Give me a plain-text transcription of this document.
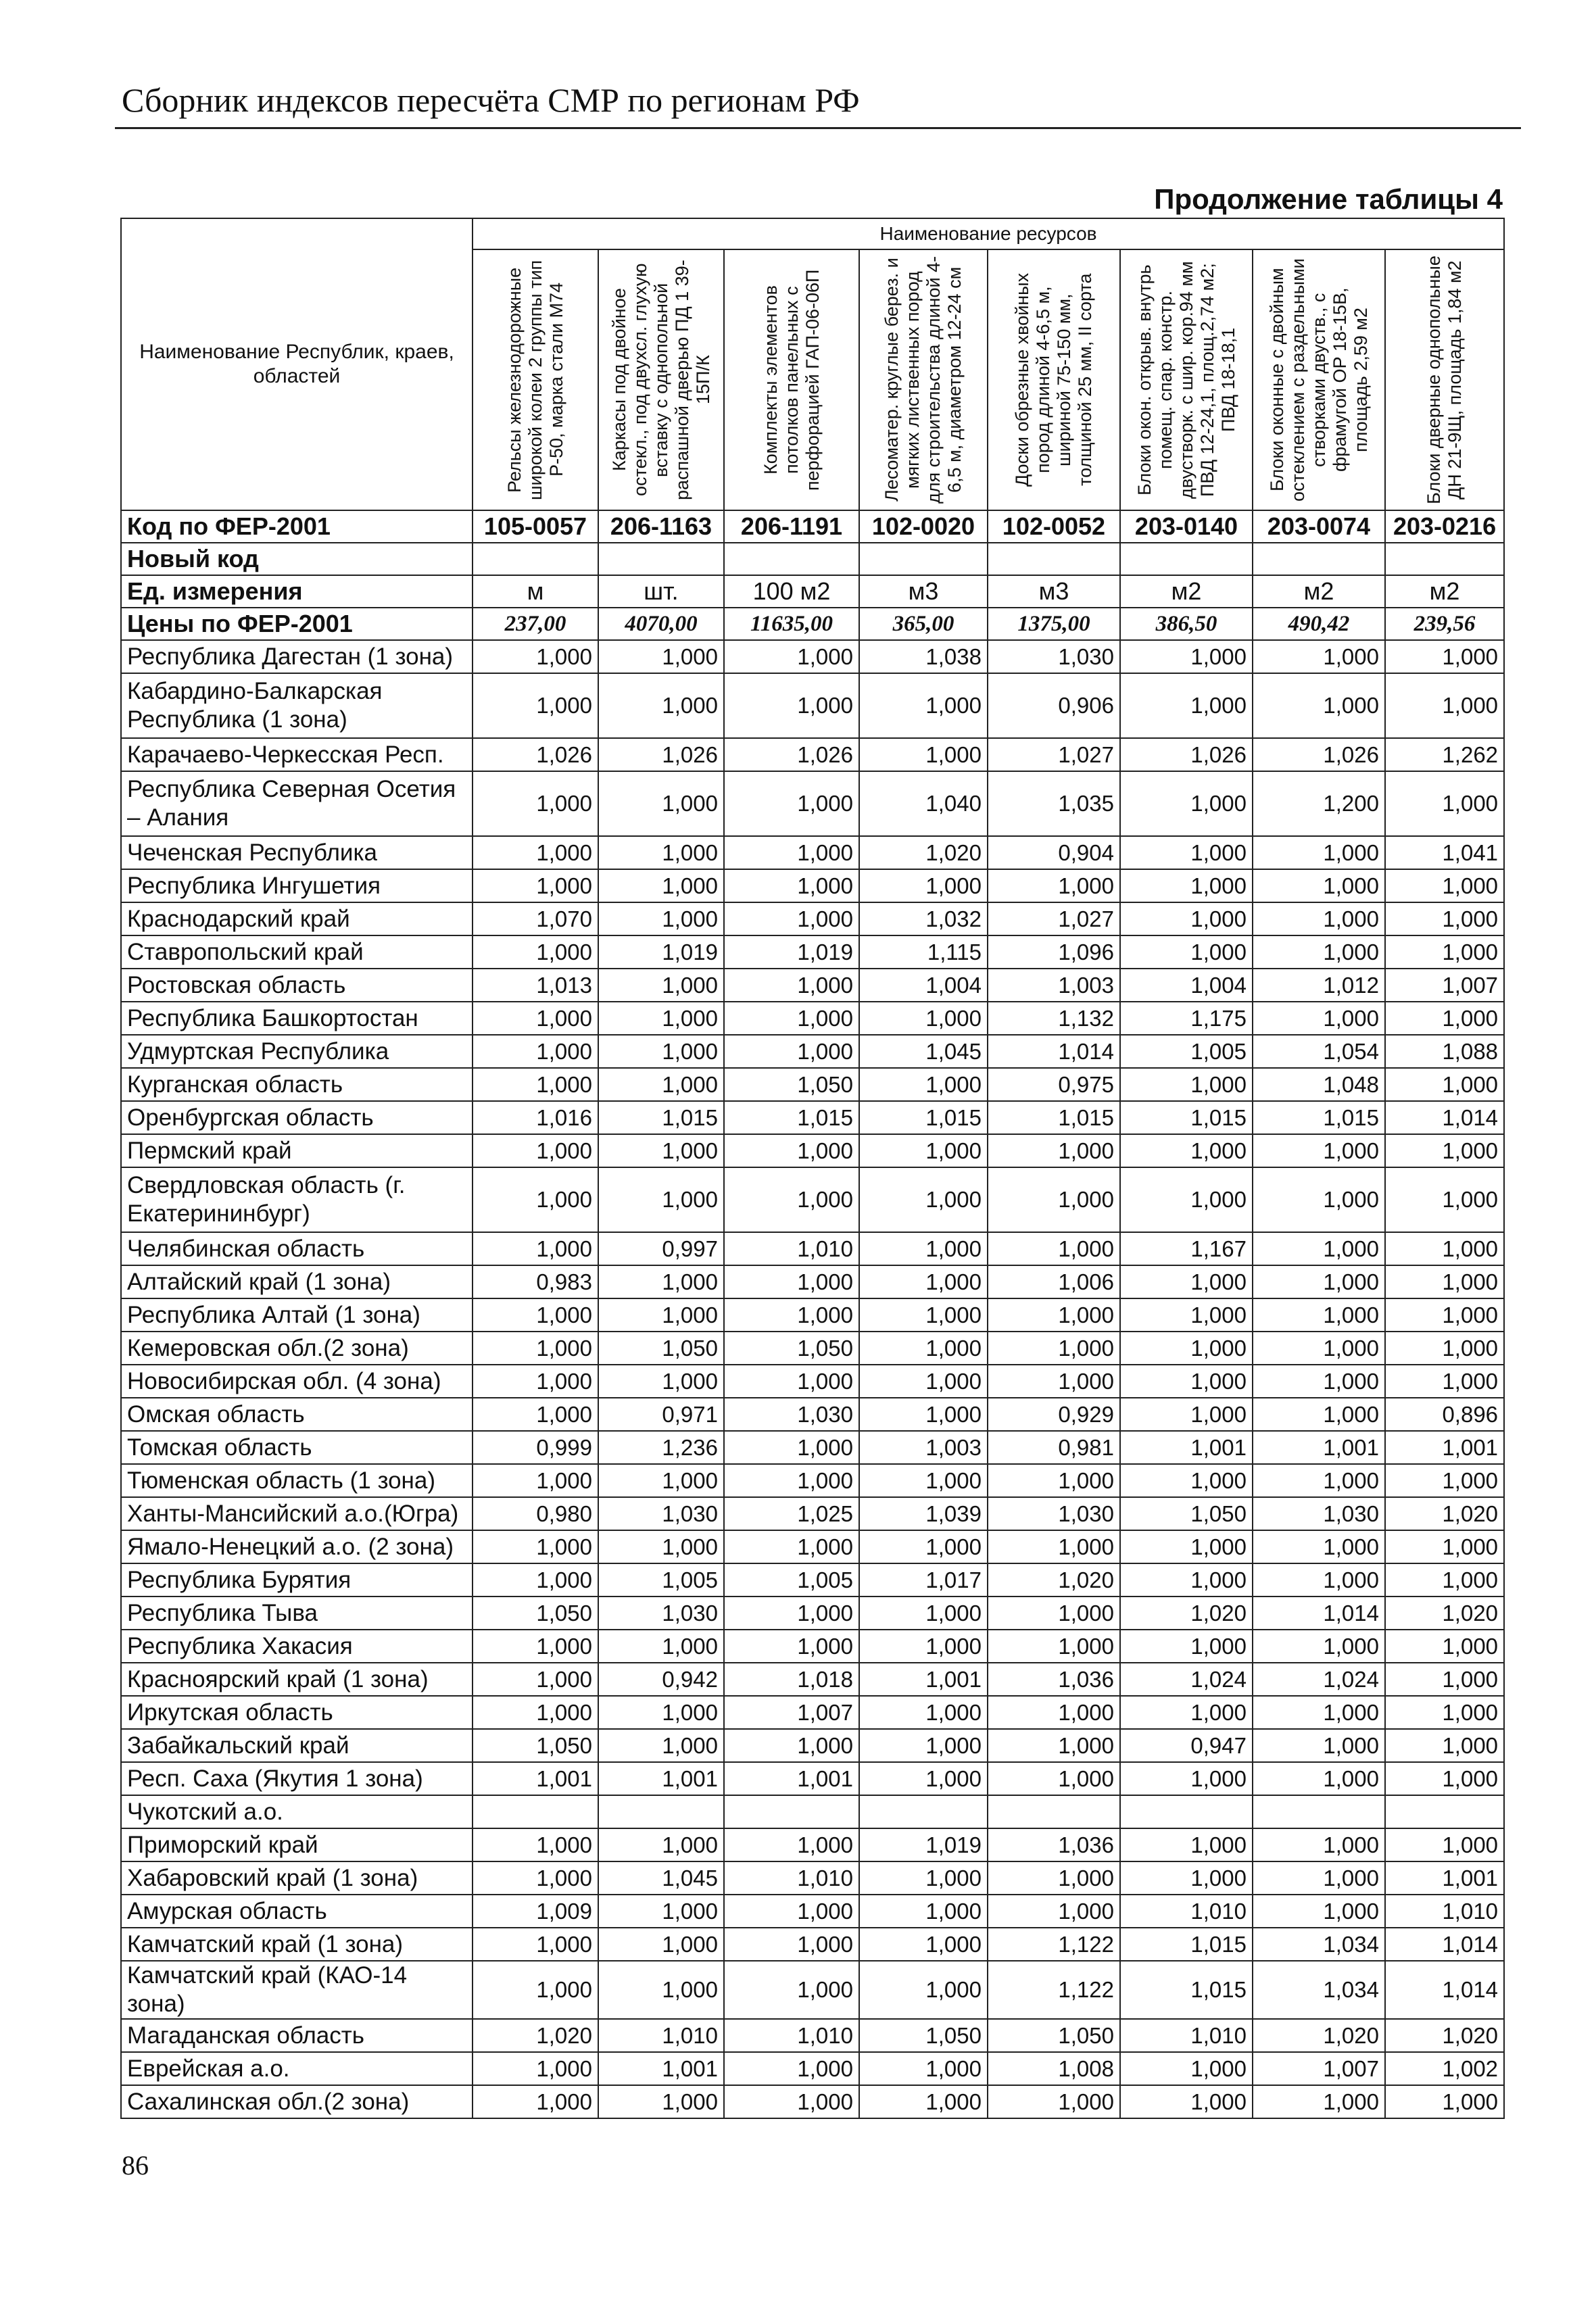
Сборник индексов пересчёта СМР по регионам РФ
Продолжение таблицы 4
Наименование Республик, краев, областей	Наименование ресурсов							

	Рельсы железнодорожные широкой колеи 2 группы тип Р-50, марка стали М74	Каркасы под двойное остекл., под двухсл. глухую вставку с однопольной распашной дверью ПД 1 39-15П/К	Комплекты элементов потолков панельных с перфорацией ГАП-06-06П	Лесоматер. круглые берез. и мягких лиственных пород для строительства длиной 4-6,5 м, диаметром 12-24 см	Доски обрезные хвойных пород длиной 4-6,5 м, шириной 75-150 мм, толщиной 25 мм, II сорта	Блоки окон. открыв. внутрь помещ. спар. констр. двустворк. с шир. кор.94 мм ПВД 12-24,1, площ.2,74 м2; ПВД 18-18,1	Блоки оконные с двойным остеклением с раздельными створками двуств., с фрамугой ОР 18-15В, площадь 2,59 м2	Блоки дверные однопольные ДН 21-9Щ, площадь 1,84 м2

Код по ФЕР-2001	105-0057	206-1163	206-1191	102-0020	102-0052	203-0140	203-0074	203-0216
Новый код								
Ед. измерения	м	шт.	100 м2	м3	м3	м2	м2	м2
Цены по ФЕР-2001	237,00	4070,00	11635,00	365,00	1375,00	386,50	490,42	239,56
Республика Дагестан (1 зона)	1,000	1,000	1,000	1,038	1,030	1,000	1,000	1,000
Кабардино-Балкарская Республика (1 зона)	1,000	1,000	1,000	1,000	0,906	1,000	1,000	1,000
Карачаево-Черкесская Респ.	1,026	1,026	1,026	1,000	1,027	1,026	1,026	1,262
Республика Северная Осетия – Алания	1,000	1,000	1,000	1,040	1,035	1,000	1,200	1,000
Чеченская Республика	1,000	1,000	1,000	1,020	0,904	1,000	1,000	1,041
Республика Ингушетия	1,000	1,000	1,000	1,000	1,000	1,000	1,000	1,000
Краснодарский край	1,070	1,000	1,000	1,032	1,027	1,000	1,000	1,000
Ставропольский край	1,000	1,019	1,019	1,115	1,096	1,000	1,000	1,000
Ростовская область	1,013	1,000	1,000	1,004	1,003	1,004	1,012	1,007
Республика Башкортостан	1,000	1,000	1,000	1,000	1,132	1,175	1,000	1,000
Удмуртская Республика	1,000	1,000	1,000	1,045	1,014	1,005	1,054	1,088
Курганская область	1,000	1,000	1,050	1,000	0,975	1,000	1,048	1,000
Оренбургская область	1,016	1,015	1,015	1,015	1,015	1,015	1,015	1,014
Пермский край	1,000	1,000	1,000	1,000	1,000	1,000	1,000	1,000
Свердловская область (г. Екатерининбург)	1,000	1,000	1,000	1,000	1,000	1,000	1,000	1,000
Челябинская область	1,000	0,997	1,010	1,000	1,000	1,167	1,000	1,000
Алтайский край (1 зона)	0,983	1,000	1,000	1,000	1,006	1,000	1,000	1,000
Республика Алтай (1 зона)	1,000	1,000	1,000	1,000	1,000	1,000	1,000	1,000
Кемеровская обл.(2 зона)	1,000	1,050	1,050	1,000	1,000	1,000	1,000	1,000
Новосибирская обл. (4 зона)	1,000	1,000	1,000	1,000	1,000	1,000	1,000	1,000
Омская область	1,000	0,971	1,030	1,000	0,929	1,000	1,000	0,896
Томская область	0,999	1,236	1,000	1,003	0,981	1,001	1,001	1,001
Тюменская область (1 зона)	1,000	1,000	1,000	1,000	1,000	1,000	1,000	1,000
Ханты-Мансийский а.о.(Югра)	0,980	1,030	1,025	1,039	1,030	1,050	1,030	1,020
Ямало-Ненецкий а.о. (2 зона)	1,000	1,000	1,000	1,000	1,000	1,000	1,000	1,000
Республика Бурятия	1,000	1,005	1,005	1,017	1,020	1,000	1,000	1,000
Республика Тыва	1,050	1,030	1,000	1,000	1,000	1,020	1,014	1,020
Республика Хакасия	1,000	1,000	1,000	1,000	1,000	1,000	1,000	1,000
Красноярский край (1 зона)	1,000	0,942	1,018	1,001	1,036	1,024	1,024	1,000
Иркутская область	1,000	1,000	1,007	1,000	1,000	1,000	1,000	1,000
Забайкальский край	1,050	1,000	1,000	1,000	1,000	0,947	1,000	1,000
Респ. Саха (Якутия 1 зона)	1,001	1,001	1,001	1,000	1,000	1,000	1,000	1,000
Чукотский а.о.								
Приморский край	1,000	1,000	1,000	1,019	1,036	1,000	1,000	1,000
Хабаровский край (1 зона)	1,000	1,045	1,010	1,000	1,000	1,000	1,000	1,001
Амурская область	1,009	1,000	1,000	1,000	1,000	1,010	1,000	1,010
Камчатский край (1 зона)	1,000	1,000	1,000	1,000	1,122	1,015	1,034	1,014
Камчатский край (КАО-14 зона)	1,000	1,000	1,000	1,000	1,122	1,015	1,034	1,014
Магаданская область	1,020	1,010	1,010	1,050	1,050	1,010	1,020	1,020
Еврейская а.о.	1,000	1,001	1,000	1,000	1,008	1,000	1,007	1,002
Сахалинская обл.(2 зона)	1,000	1,000	1,000	1,000	1,000	1,000	1,000	1,000
86
